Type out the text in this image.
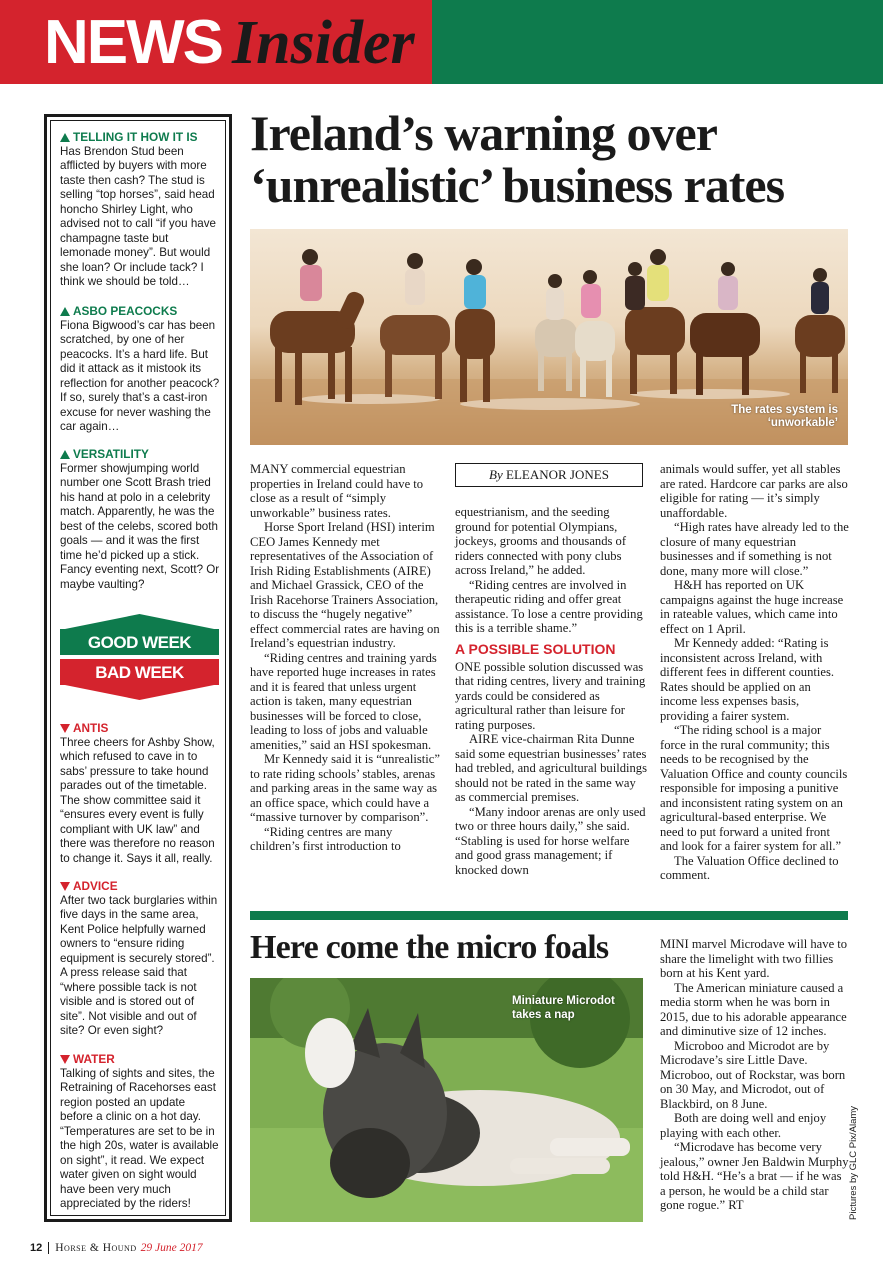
NEWS Insider
TELLING IT HOW IT IS
Has Brendon Stud been afflicted by buyers with more taste then cash? The stud is selling “top horses”, said head honcho Shirley Light, who advised not to call “if you have champagne taste but lemonade money”. But would she loan? Or include tack? I think we should be told…
ASBO PEACOCKS
Fiona Bigwood’s car has been scratched, by one of her peacocks. It’s a hard life. But did it attack as it mistook its reflection for another peacock? If so, surely that’s a cast-iron excuse for never washing the car again…
VERSATILITY
Former showjumping world number one Scott Brash tried his hand at polo in a celebrity match. Apparently, he was the best of the celebs, scored both goals — and it was the first time he’d picked up a stick. Fancy eventing next, Scott? Or maybe vaulting?
GOOD WEEK
BAD WEEK
ANTIS
Three cheers for Ashby Show, which refused to cave in to sabs’ pressure to take hound parades out of the timetable. The show committee said it “ensures every event is fully compliant with UK law” and there was therefore no reason to change it. Says it all, really.
ADVICE
After two tack burglaries within five days in the same area, Kent Police helpfully warned owners to “ensure riding equipment is securely stored”. A press release said that “where possible tack is not visible and is stored out of site”. Not visible and out of site? Or even sight?
WATER
Talking of sights and sites, the Retraining of Racehorses east region posted an update before a clinic on a hot day. “Temperatures are set to be in the high 20s, water is available on sight”, it read. We expect water given on sight would have been very much appreciated by the riders!
Ireland’s warning over ‘unrealistic’ business rates
The rates system is ‘unworkable’

MANY commercial equestrian properties in Ireland could have to close as a result of “simply unworkable” business rates.

Horse Sport Ireland (HSI) interim CEO James Kennedy met representatives of the Association of Irish Riding Establishments (AIRE) and Michael Grassick, CEO of the Irish Racehorse Trainers Association, to discuss the “hugely negative” effect commercial rates are having on Ireland’s equestrian industry.

“Riding centres and training yards have reported huge increases in rates and it is feared that unless urgent action is taken, many equestrian businesses will be forced to close, leading to loss of jobs and valuable amenities,” said an HSI spokesman.

Mr Kennedy said it is “unrealistic” to rate riding schools’ stables, arenas and parking areas in the same way as an office space, which could have a “massive turnover by comparison”.

“Riding centres are many children’s first introduction to

By ELEANOR JONES

equestrianism, and the seeding ground for potential Olympians, jockeys, grooms and thousands of riders connected with pony clubs across Ireland,” he added.

“Riding centres are involved in therapeutic riding and offer great assistance. To lose a centre providing this is a terrible shame.”

A POSSIBLE SOLUTION

ONE possible solution discussed was that riding centres, livery and training yards could be considered as agricultural rather than leisure for rating purposes.

AIRE vice-chairman Rita Dunne said some equestrian businesses’ rates had trebled, and agricultural buildings should not be rated in the same way as commercial premises.

“Many indoor arenas are only used two or three hours daily,” she said. “Stabling is used for horse welfare and good grass management; if knocked down

animals would suffer, yet all stables are rated. Hardcore car parks are also eligible for rating — it’s simply unaffordable.

“High rates have already led to the closure of many equestrian businesses and if something is not done, many more will close.”

H&H has reported on UK campaigns against the huge increase in rateable values, which came into effect on 1 April.

Mr Kennedy added: “Rating is inconsistent across Ireland, with different fees in different counties. Rates should be applied on an income less expenses basis, providing a fairer system.

“The riding school is a major force in the rural community; this needs to be recognised by the Valuation Office and county councils responsible for imposing a punitive and inconsistent rating system on an agricultural-based enterprise. We need to put forward a united front and look for a fairer system for all.”

The Valuation Office declined to comment.

Here come the micro foals
Miniature Microdot takes a nap

MINI marvel Microdave will have to share the limelight with two fillies born at his Kent yard.

The American miniature caused a media storm when he was born in 2015, due to his adorable appearance and diminutive size of 12 inches.

Microboo and Microdot are by Microdave’s sire Little Dave. Microboo, out of Rockstar, was born on 30 May, and Microdot, out of Blackbird, on 8 June.

Both are doing well and enjoy playing with each other.

“Microdave has become very jealous,” owner Jen Baldwin Murphy told H&H. “He’s a brat — if he was a person, he would be a child star gone rogue.” RT	Pictures by GLC Pix/Alamy
12	Horse & Hound 29 June 2017
